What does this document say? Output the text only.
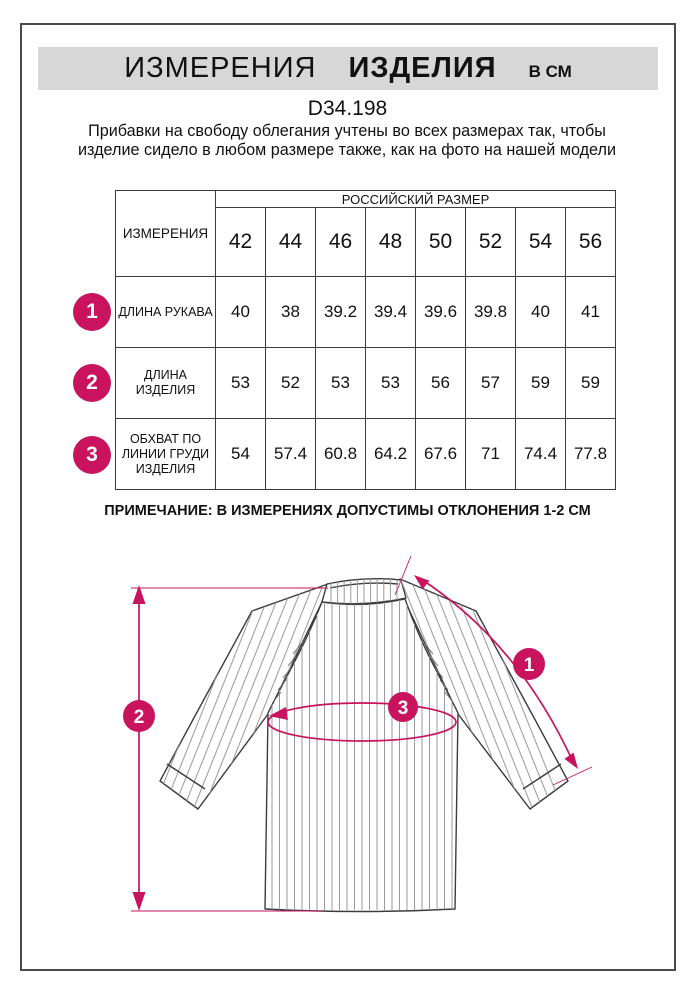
ИЗМЕРЕНИЯ ИЗДЕЛИЯ В СМ
D34.198
Прибавки на свободу облегания учтены во всех размерах так, чтобы изделие сидело в любом размере также, как на фото на нашей модели
ИЗМЕРЕНИЯ	РОССИЙСКИЙ РАЗМЕР							
	42	44	46	48	50	52	54	56
ДЛИНА РУКАВА	40	38	39.2	39.4	39.6	39.8	40	41
ДЛИНА ИЗДЕЛИЯ	53	52	53	53	56	57	59	59
ОБХВАТ ПО ЛИНИИ ГРУДИ ИЗДЕЛИЯ	54	57.4	60.8	64.2	67.6	71	74.4	77.8
1
2
3
ПРИМЕЧАНИЕ: В ИЗМЕРЕНИЯХ ДОПУСТИМЫ ОТКЛОНЕНИЯ 1-2 СМ
2	3
1
